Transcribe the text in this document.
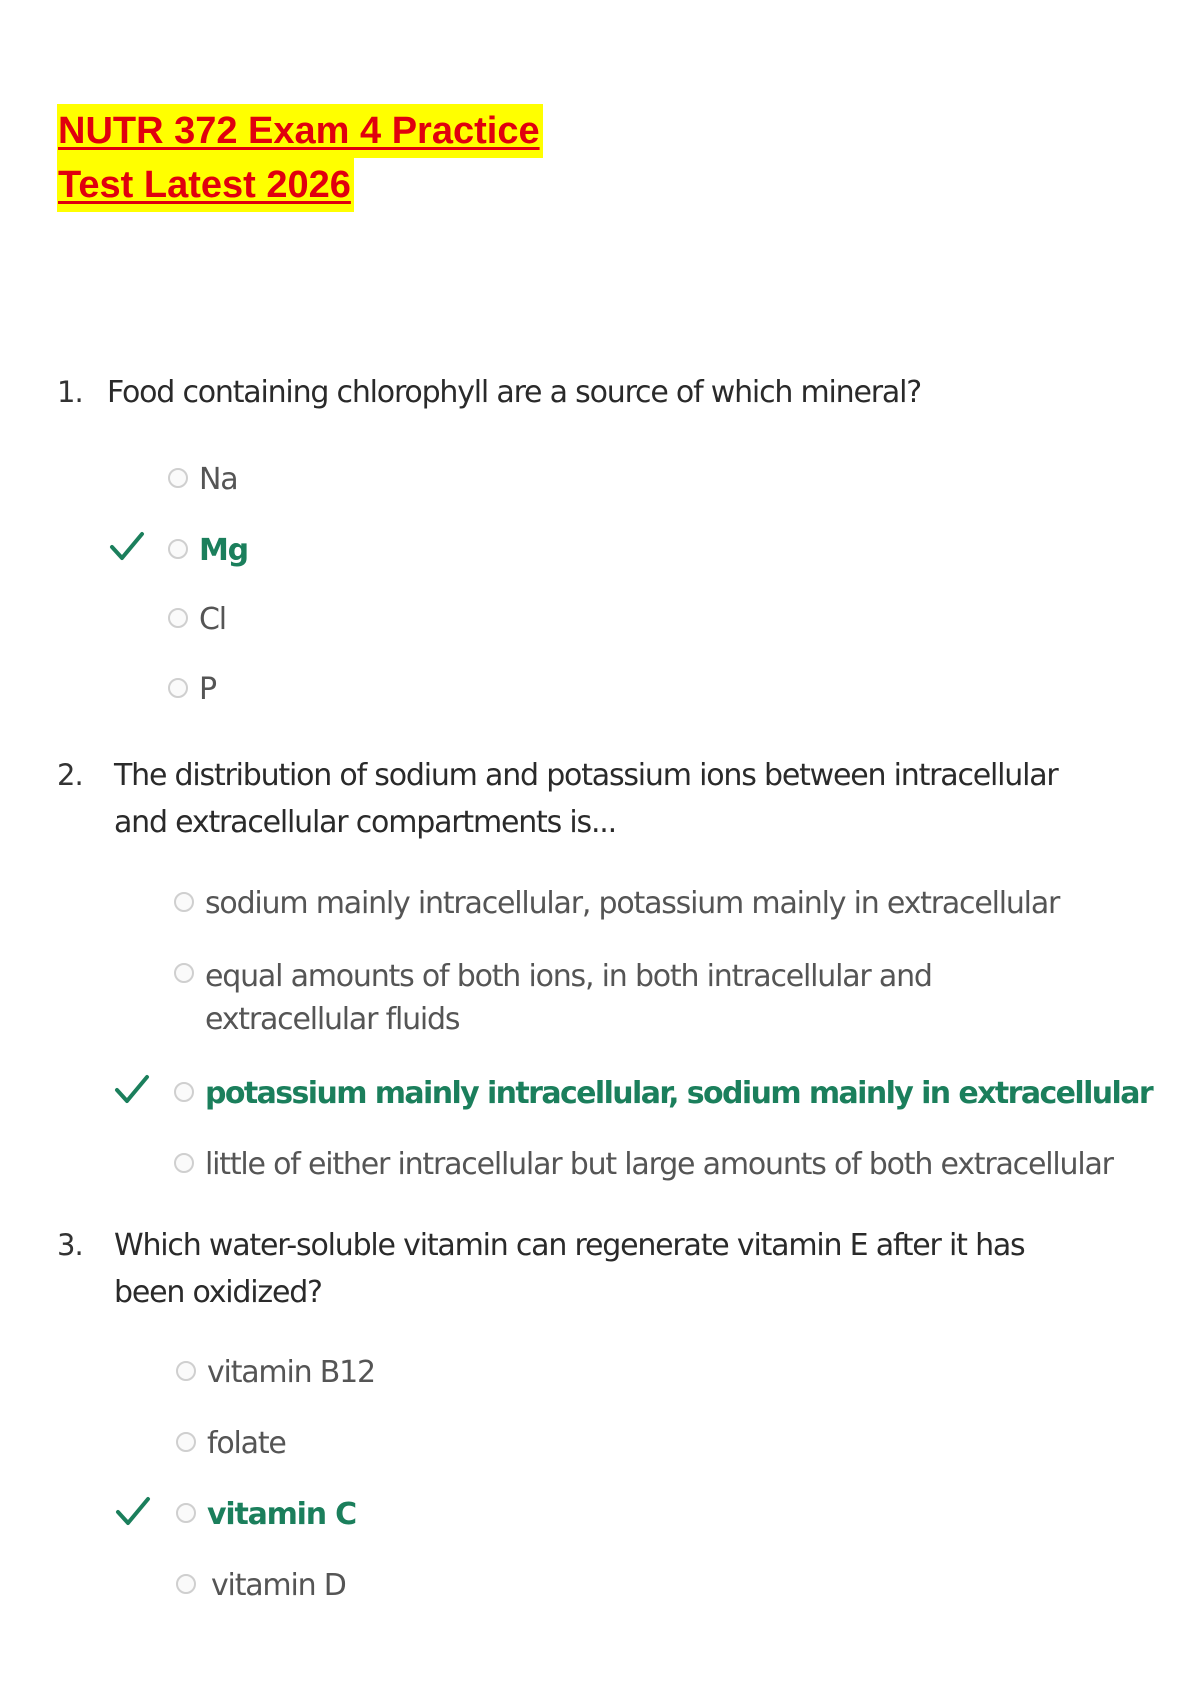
NUTR 372 Exam 4 Practice
Test Latest 2026
1. Food containing chlorophyll are a source of which mineral?
Na
Mg
Cl
P
2. The distribution of sodium and potassium ions between intracellular and extracellular compartments is...
sodium mainly intracellular, potassium mainly in extracellular
equal amounts of both ions, in both intracellular and extracellular fluids
potassium mainly intracellular, sodium mainly in extracellular
little of either intracellular but large amounts of both extracellular
3. Which water-soluble vitamin can regenerate vitamin E after it has been oxidized?
vitamin B12
folate
vitamin C
vitamin D
